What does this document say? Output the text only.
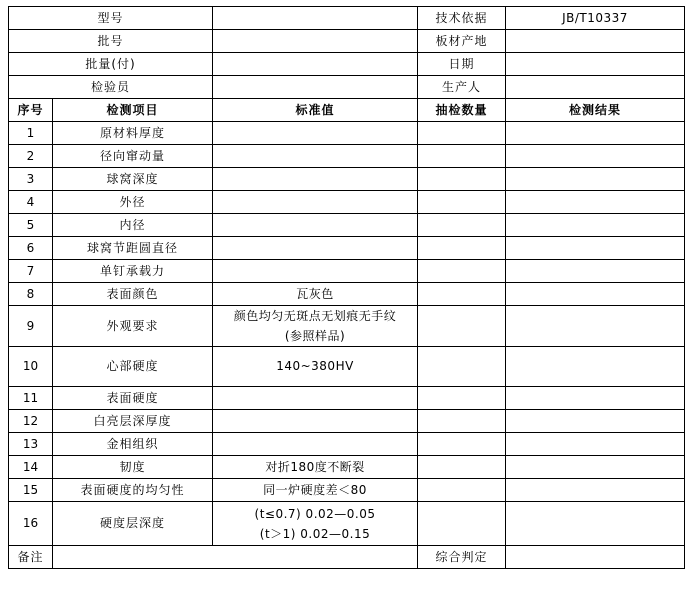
型号			技术依据	JB/T10337
批号			板材产地	
批量(付)			日期	
检验员			生产人	
序号	检测项目	标准值	抽检数量	检测结果
1	原材料厚度			
2	径向窜动量			
3	球窝深度			
4	外径			
5	内径			
6	球窝节距圆直径			
7	单钉承载力			
8	表面颜色	瓦灰色		
9	外观要求	颜色均匀无斑点无划痕无手纹
(参照样品)		

10	心部硬度	140~380HV		
11	表面硬度			
12	白亮层深厚度			
13	金相组织			
14	韧度	对折180度不断裂		
15	表面硬度的均匀性	同一炉硬度差＜80		
16	硬度层深度	(t≤0.7) 0.02—0.05
(t＞1) 0.02—0.15		

备注			综合判定	
